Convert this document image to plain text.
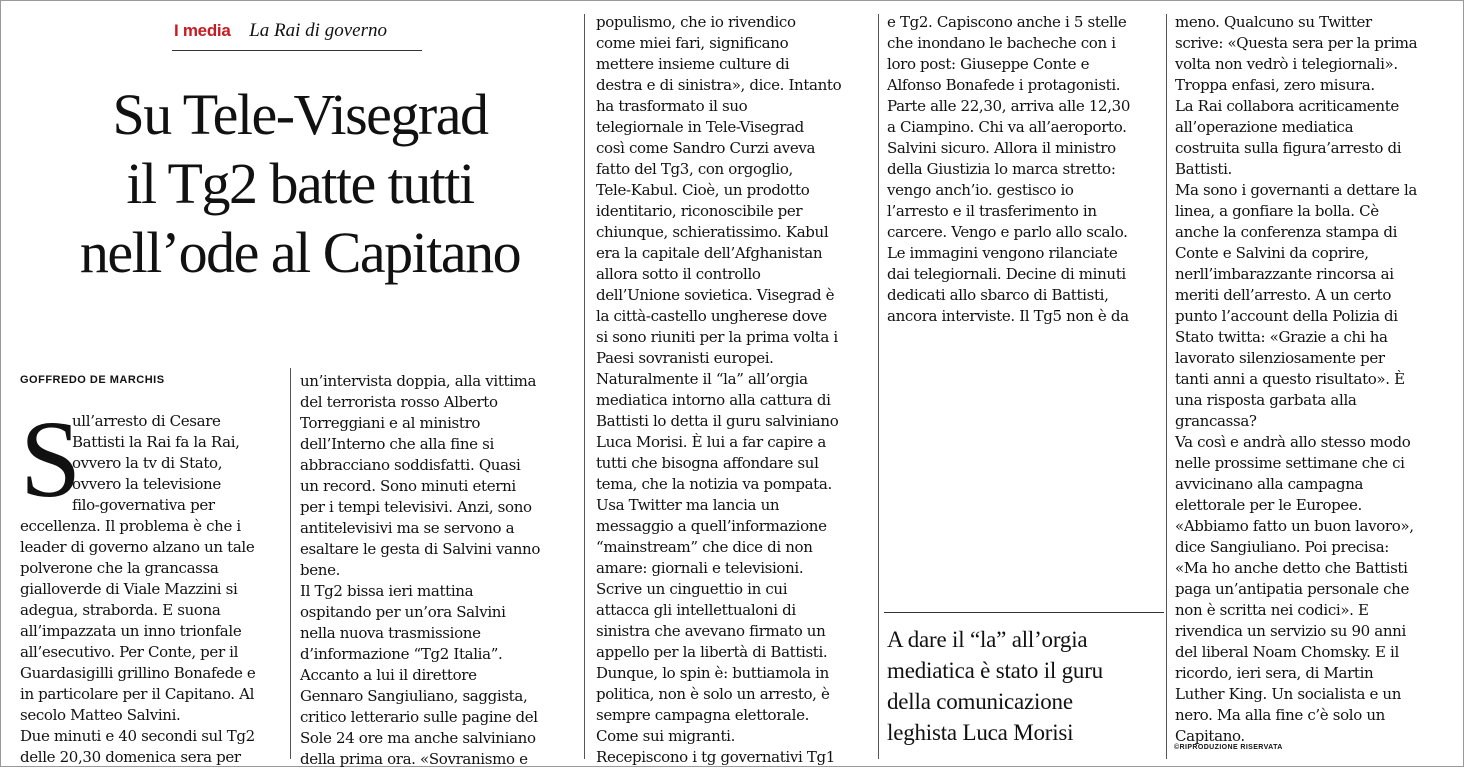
I media La Rai di governo
Su Tele-Visegrad
il Tg2 batte tutti
nell’ode al Capitano
GOFFREDO DE MARCHIS
S
ull’arresto di Cesare
Battisti la Rai fa la Rai,
ovvero la tv di Stato,
ovvero la televisione
filo-governativa per
eccellenza. Il problema è che i
leader di governo alzano un tale
polverone che la grancassa
gialloverde di Viale Mazzini si
adegua, straborda. E suona
all’impazzata un inno trionfale
all’esecutivo. Per Conte, per il
Guardasigilli grillino Bonafede e
in particolare per il Capitano. Al
secolo Matteo Salvini.
Due minuti e 40 secondi sul Tg2
delle 20,30 domenica sera per
un’intervista doppia, alla vittima
del terrorista rosso Alberto
Torreggiani e al ministro
dell’Interno che alla fine si
abbracciano soddisfatti. Quasi
un record. Sono minuti eterni
per i tempi televisivi. Anzi, sono
antitelevisivi ma se servono a
esaltare le gesta di Salvini vanno
bene.
Il Tg2 bissa ieri mattina
ospitando per un’ora Salvini
nella nuova trasmissione
d’informazione “Tg2 Italia”.
Accanto a lui il direttore
Gennaro Sangiuliano, saggista,
critico letterario sulle pagine del
Sole 24 ore ma anche salviniano
della prima ora. «Sovranismo e
populismo, che io rivendico
come miei fari, significano
mettere insieme culture di
destra e di sinistra», dice. Intanto
ha trasformato il suo
telegiornale in Tele-Visegrad
così come Sandro Curzi aveva
fatto del Tg3, con orgoglio,
Tele-Kabul. Cioè, un prodotto
identitario, riconoscibile per
chiunque, schieratissimo. Kabul
era la capitale dell’Afghanistan
allora sotto il controllo
dell’Unione sovietica. Visegrad è
la città-castello ungherese dove
si sono riuniti per la prima volta i
Paesi sovranisti europei.
Naturalmente il “la” all’orgia
mediatica intorno alla cattura di
Battisti lo detta il guru salviniano
Luca Morisi. È lui a far capire a
tutti che bisogna affondare sul
tema, che la notizia va pompata.
Usa Twitter ma lancia un
messaggio a quell’informazione
“mainstream” che dice di non
amare: giornali e televisioni.
Scrive un cinguettio in cui
attacca gli intellettualoni di
sinistra che avevano firmato un
appello per la libertà di Battisti.
Dunque, lo spin è: buttiamola in
politica, non è solo un arresto, è
sempre campagna elettorale.
Come sui migranti.
Recepiscono i tg governativi Tg1
e Tg2. Capiscono anche i 5 stelle
che inondano le bacheche con i
loro post: Giuseppe Conte e
Alfonso Bonafede i protagonisti.
Parte alle 22,30, arriva alle 12,30
a Ciampino. Chi va all’aeroporto.
Salvini sicuro. Allora il ministro
della Giustizia lo marca stretto:
vengo anch’io. gestisco io
l’arresto e il trasferimento in
carcere. Vengo e parlo allo scalo.
Le immagini vengono rilanciate
dai telegiornali. Decine di minuti
dedicati allo sbarco di Battisti,
ancora interviste. Il Tg5 non è da
meno. Qualcuno su Twitter
scrive: «Questa sera per la prima
volta non vedrò i telegiornali».
Troppa enfasi, zero misura.
La Rai collabora acriticamente
all’operazione mediatica
costruita sulla figura’arresto di
Battisti.
Ma sono i governanti a dettare la
linea, a gonfiare la bolla. Cè
anche la conferenza stampa di
Conte e Salvini da coprire,
nerll’imbarazzante rincorsa ai
meriti dell’arresto. A un certo
punto l’account della Polizia di
Stato twitta: «Grazie a chi ha
lavorato silenziosamente per
tanti anni a questo risultato». È
una risposta garbata alla
grancassa?
Va così e andrà allo stesso modo
nelle prossime settimane che ci
avvicinano alla campagna
elettorale per le Europee.
«Abbiamo fatto un buon lavoro»,
dice Sangiuliano. Poi precisa:
«Ma ho anche detto che Battisti
paga un’antipatia personale che
non è scritta nei codici». E
rivendica un servizio su 90 anni
del liberal Noam Chomsky. E il
ricordo, ieri sera, di Martin
Luther King. Un socialista e un
nero. Ma alla fine c’è solo un
Capitano.
A dare il “la” all’orgia
mediatica è stato il guru
della comunicazione
leghista Luca Morisi
©RIPRODUZIONE RISERVATA
